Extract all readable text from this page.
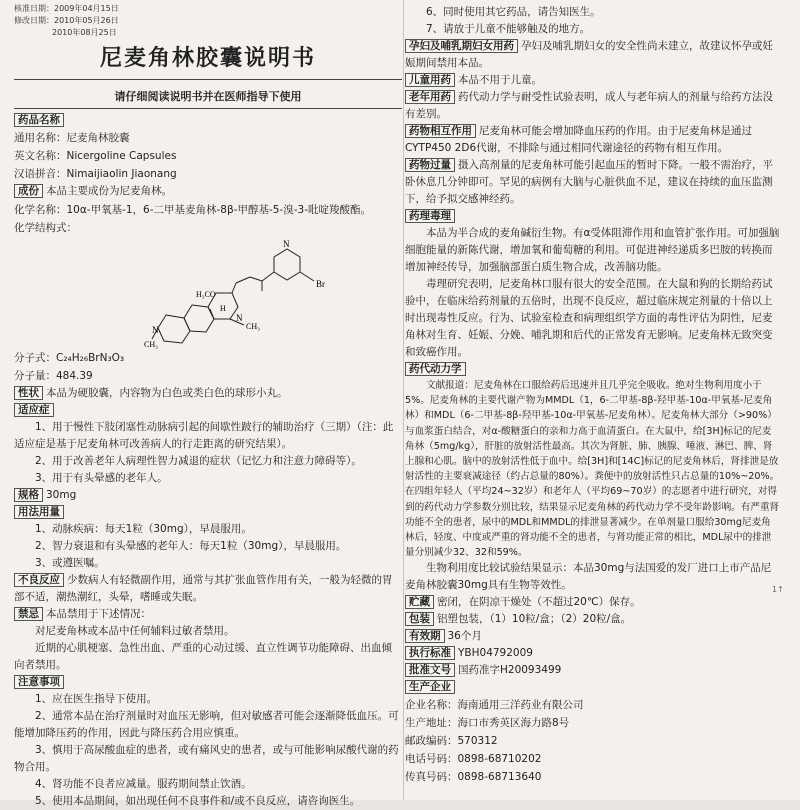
核准日期：2009年04月15日
修改日期：2010年05月26日
2010年08月25日
尼麦角林胶囊说明书
请仔细阅读说明书并在医师指导下使用
药品名称
通用名称：尼麦角林胶囊
英文名称：Nicergoline Capsules
汉语拼音：Nimaijiaolin Jiaonang
成份 本品主要成份为尼麦角林。
化学名称：10α-甲氧基-1，6-二甲基麦角林-8β-甲醇基-5-溴-3-吡啶羧酸酯。
化学结构式：
Br
N
H₃CO
N
CH₃
H
N
CH₃
分子式：C₂₄H₂₆BrN₃O₃
分子量：484.39
性状 本品为硬胶囊，内容物为白色或类白色的球形小丸。
适应症
1、用于慢性下肢闭塞性动脉病引起的间歇性跛行的辅助治疗（三期）（注：此适应症是基于尼麦角林可改善病人的行走距离的研究结果）。
2、用于改善老年人病理性智力减退的症状（记忆力和注意力障碍等）。
3、用于有头晕感的老年人。
规格 30mg
用法用量
1、动脉疾病：每天1粒（30mg），早晨服用。
2、智力衰退和有头晕感的老年人：每天1粒（30mg），早晨服用。
3、或遵医嘱。
不良反应 少数病人有轻微副作用，通常与其扩张血管作用有关，一般为轻微的胃部不适，潮热潮红，头晕，嗜睡或失眠。
禁忌 本品禁用于下述情况：
对尼麦角林或本品中任何辅料过敏者禁用。
近期的心肌梗塞、急性出血、严重的心动过缓、直立性调节功能障碍、出血倾向者禁用。
注意事项
1、应在医生指导下使用。
2、通常本品在治疗剂量时对血压无影响，但对敏感者可能会逐渐降低血压。可能增加降压药的作用，因此与降压药合用应慎重。
3、慎用于高尿酸血症的患者，或有痛风史的患者，或与可能影响尿酸代谢的药物合用。
4、肾功能不良者应减量。服药期间禁止饮酒。
5、使用本品期间，如出现任何不良事件和/或不良反应，请咨询医生。
6、同时使用其它药品，请告知医生。
7、请放于儿童不能够触及的地方。
孕妇及哺乳期妇女用药 孕妇及哺乳期妇女的安全性尚未建立，故建议怀孕或妊娠期间禁用本品。
儿童用药 本品不用于儿童。
老年用药 药代动力学与耐受性试验表明，成人与老年病人的剂量与给药方法没有差别。
药物相互作用 尼麦角林可能会增加降血压药的作用。由于尼麦角林是通过CYTP450 2D6代谢，不排除与通过相同代谢途径的药物有相互作用。
药物过量 摄入高剂量的尼麦角林可能引起血压的暂时下降。一般不需治疗，平卧休息几分钟即可。罕见的病例有大脑与心脏供血不足，建议在持续的血压监测下，给予拟交感神经药。
药理毒理
本品为半合成的麦角碱衍生物。有α受体阻滞作用和血管扩张作用。可加强脑细胞能量的新陈代谢，增加氧和葡萄糖的利用。可促进神经递质多巴胺的转换而增加神经传导，加强脑部蛋白质生物合成，改善脑功能。
毒理研究表明，尼麦角林口服有很大的安全范围。在大鼠和狗的长期给药试验中，在临床给药剂量的五倍时，出现不良反应，超过临床规定剂量的十倍以上时出现毒性反应。行为、试验室检查和病理组织学方面的毒性评估为阴性，尼麦角林对生育、妊娠、分娩、哺乳期和后代的正常发育无影响。尼麦角林无致突变和致癌作用。
药代动力学
文献报道：尼麦角林在口服给药后迅速并且几乎完全吸收。绝对生物利用度小于5%。尼麦角林的主要代谢产物为MMDL（1，6-二甲基-8β-羟甲基-10α-甲氧基-尼麦角林）和MDL（6-二甲基-8β-羟甲基-10α-甲氧基-尼麦角林）。尼麦角林大部分（>90%）与血浆蛋白结合，对α-酸糖蛋白的亲和力高于血清蛋白。在大鼠中，给[3H]标记的尼麦角林（5mg/kg），肝脏的放射活性最高。其次为肾脏、肺、胰腺、唾液、淋巴、脾、肾上腺和心肌。脑中的放射活性低于血中。给[3H]和[14C]标记的尼麦角林后，肾排泄是放射活性的主要衰减途径（约占总量的80%）。粪便中的放射活性只占总量的10%~20%。在四组年轻人（平均24~32岁）和老年人（平均69~70岁）的志愿者中进行研究，对得到的药代动力学参数分别比较，结果显示尼麦角林的药代动力学不受年龄影响。有严重肾功能不全的患者，尿中的MDL和MMDL的排泄显著减少。在单剂量口服给30mg尼麦角林后，轻度、中度或严重的肾功能不全的患者，与肾功能正常的相比，MDL尿中的排泄量分别减少32、32和59%。
生物利用度比较试验结果显示：本品30mg与法国爱的发厂进口上市产品尼麦角林胶囊30mg具有生物等效性。
贮藏 密闭，在阴凉干燥处（不超过20℃）保存。
包装 铝塑包装，（1）10粒/盒；（2）20粒/盒。
有效期 36个月
执行标准 YBH04792009
批准文号 国药准字H20093499
生产企业
企业名称：海南通用三洋药业有限公司
生产地址：海口市秀英区海力路8号
邮政编码：570312
电话号码：0898-68710202
传真号码：0898-68713640
1↑
